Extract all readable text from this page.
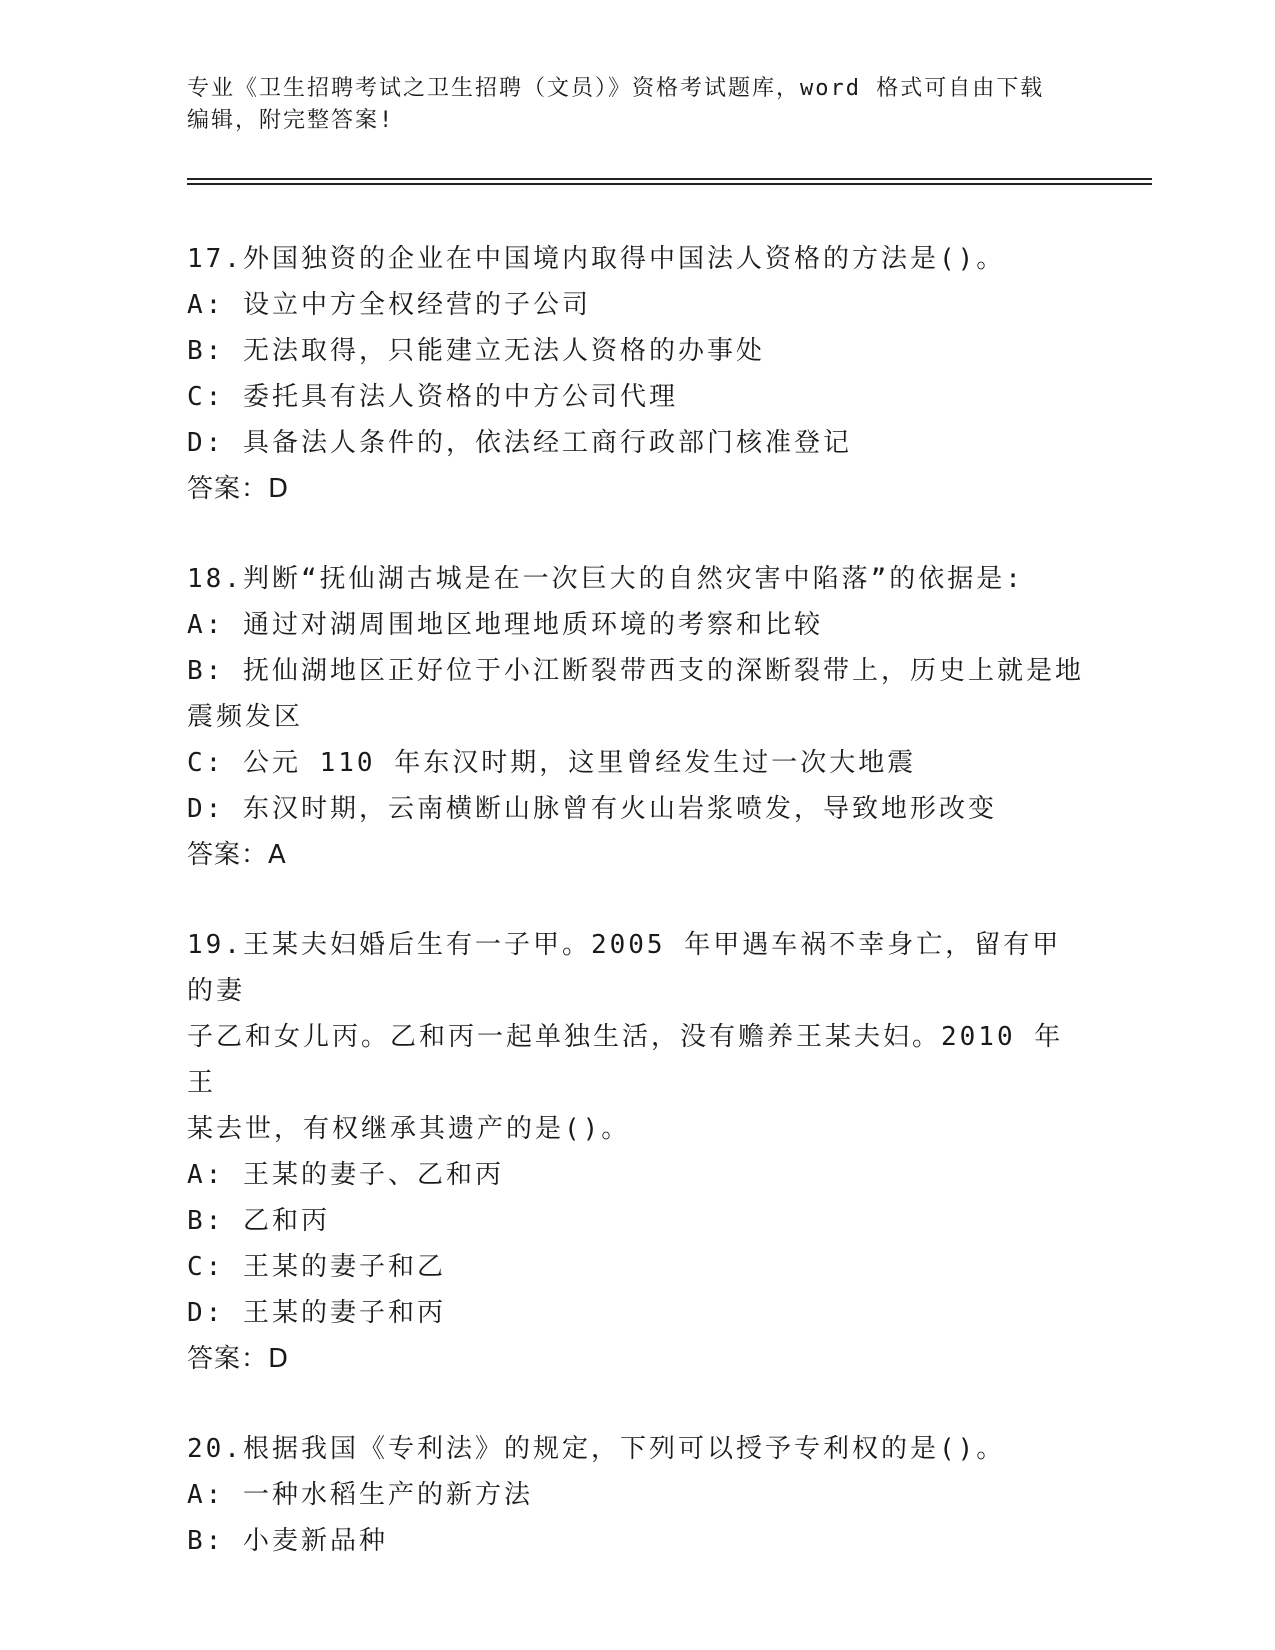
专业《卫生招聘考试之卫生招聘（文员）》资格考试题库，word 格式可自由下载
编辑，附完整答案!

17.外国独资的企业在中国境内取得中国法人资格的方法是()。

A: 设立中方全权经营的子公司

B: 无法取得，只能建立无法人资格的办事处

C: 委托具有法人资格的中方公司代理

D: 具备法人条件的，依法经工商行政部门核准登记

答案：D

18.判断“抚仙湖古城是在一次巨大的自然灾害中陷落”的依据是:

A: 通过对湖周围地区地理地质环境的考察和比较

B: 抚仙湖地区正好位于小江断裂带西支的深断裂带上，历史上就是地

震频发区

C: 公元 110 年东汉时期，这里曾经发生过一次大地震

D: 东汉时期，云南横断山脉曾有火山岩浆喷发，导致地形改变

答案：A

19.王某夫妇婚后生有一子甲。2005 年甲遇车祸不幸身亡，留有甲的妻

子乙和女儿丙。乙和丙一起单独生活，没有赡养王某夫妇。2010 年王

某去世，有权继承其遗产的是()。

A: 王某的妻子、乙和丙

B: 乙和丙

C: 王某的妻子和乙

D: 王某的妻子和丙

答案：D

20.根据我国《专利法》的规定，下列可以授予专利权的是()。

A: 一种水稻生产的新方法

B: 小麦新品种
